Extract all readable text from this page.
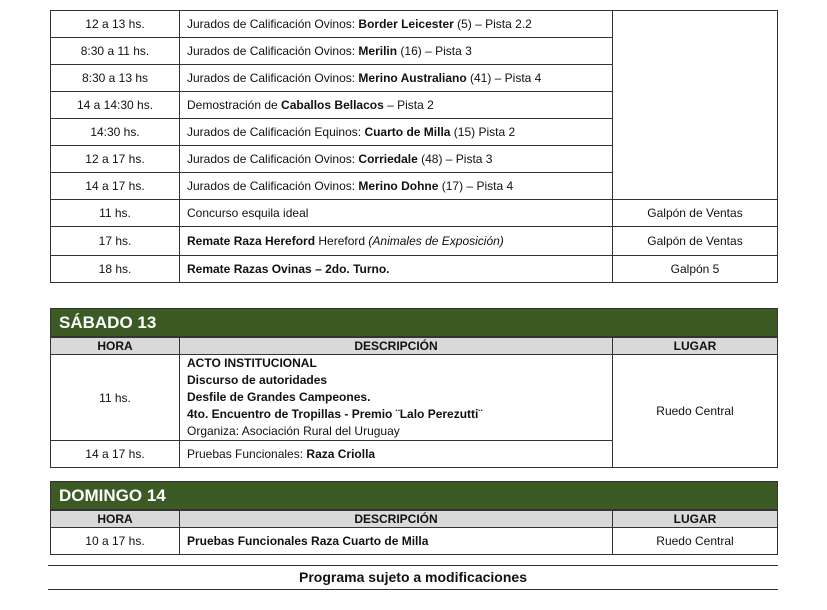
12 a 13 hs.	Jurados de Calificación Ovinos: Border Leicester (5) – Pista 2.2	
8:30 a 11 hs.	Jurados de Calificación Ovinos: Merilin (16) – Pista 3	
8:30 a 13 hs	Jurados de Calificación Ovinos: Merino Australiano (41) – Pista 4	
14 a 14:30 hs.	Demostración de Caballos Bellacos – Pista 2	
14:30 hs.	Jurados de Calificación Equinos: Cuarto de Milla (15) Pista 2	
12 a 17 hs.	Jurados de Calificación Ovinos: Corriedale (48) – Pista 3	
14 a 17 hs.	Jurados de Calificación Ovinos: Merino Dohne (17) – Pista 4	
11 hs.	Concurso esquila ideal	Galpón de Ventas
17 hs.	Remate Raza Hereford Hereford (Animales de Exposición)	Galpón de Ventas
18 hs.	Remate Razas Ovinas – 2do. Turno.	Galpón 5
SÁBADO 13
HORA	DESCRIPCIÓN	LUGAR
11 hs.	ACTO INSTITUCIONAL
Discurso de autoridades
Desfile de Grandes Campeones.
4to. Encuentro de Tropillas - Premio ¨Lalo Perezutti¨
Organiza: Asociación Rural del Uruguay	Ruedo Central
14 a 17 hs.	Pruebas Funcionales: Raza Criolla	
DOMINGO 14
HORA	DESCRIPCIÓN	LUGAR
10 a 17 hs.	Pruebas Funcionales Raza Cuarto de Milla	Ruedo Central
Programa sujeto a modificaciones
